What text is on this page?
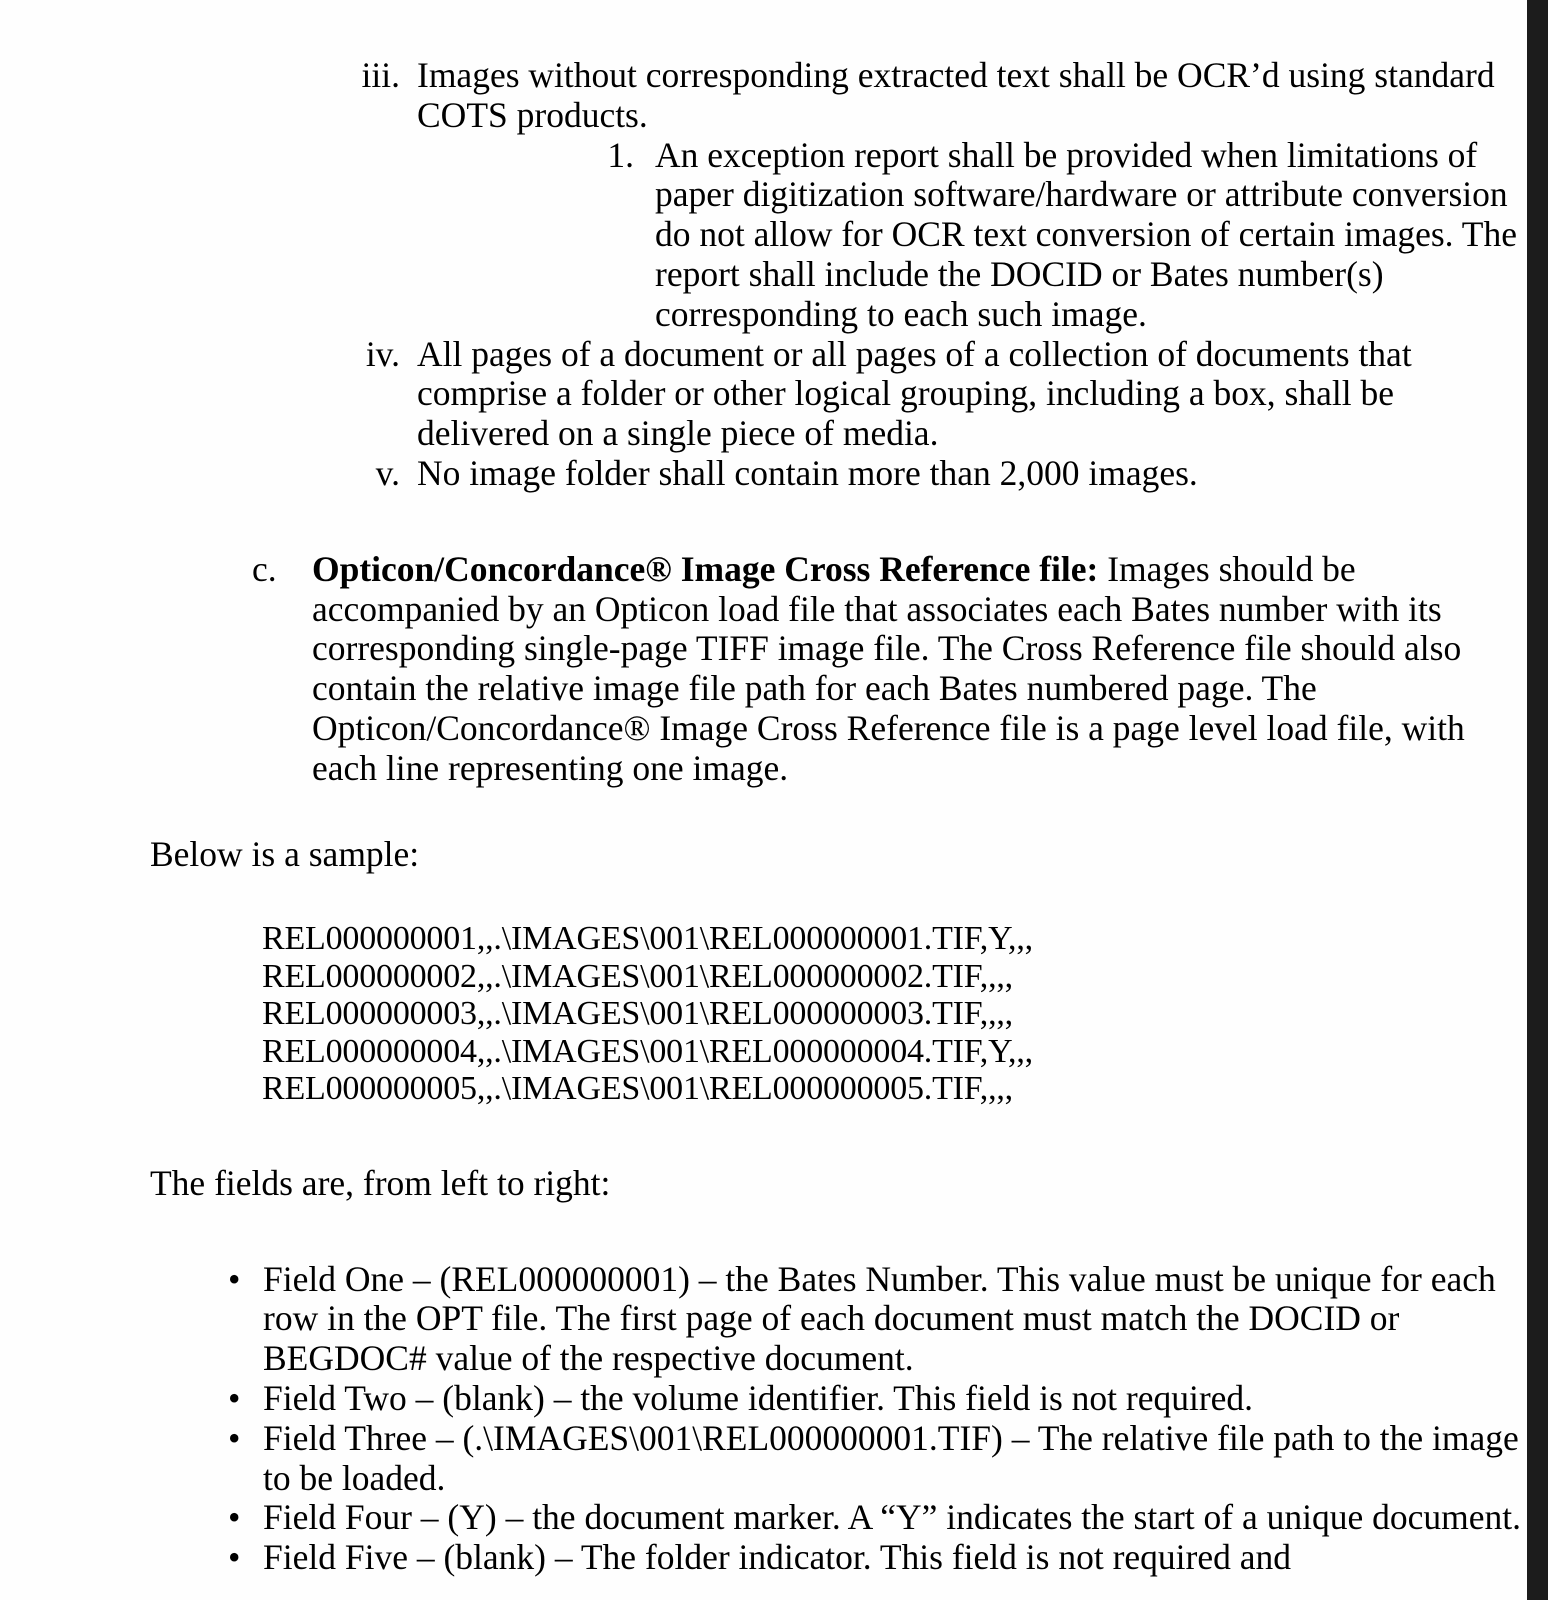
iii. Images without corresponding extracted text shall be OCR’d using standard COTS products.
1. An exception report shall be provided when limitations of paper digitization software/hardware or attribute conversion do not allow for OCR text conversion of certain images. The report shall include the DOCID or Bates number(s) corresponding to each such image.
iv. All pages of a document or all pages of a collection of documents that comprise a folder or other logical grouping, including a box, shall be delivered on a single piece of media.
v. No image folder shall contain more than 2,000 images.
c. Opticon/Concordance® Image Cross Reference file: Images should be accompanied by an Opticon load file that associates each Bates number with its corresponding single-page TIFF image file. The Cross Reference file should also contain the relative image file path for each Bates numbered page. The Opticon/Concordance® Image Cross Reference file is a page level load file, with each line representing one image.
Below is a sample:
REL000000001,,.\IMAGES\001\REL000000001.TIF,Y,,,
REL000000002,,.\IMAGES\001\REL000000002.TIF,,,,
REL000000003,,.\IMAGES\001\REL000000003.TIF,,,,
REL000000004,,.\IMAGES\001\REL000000004.TIF,Y,,,
REL000000005,,.\IMAGES\001\REL000000005.TIF,,,,
The fields are, from left to right:
• Field One – (REL000000001) – the Bates Number. This value must be unique for each row in the OPT file. The first page of each document must match the DOCID or BEGDOC# value of the respective document.
• Field Two – (blank) – the volume identifier. This field is not required.
• Field Three – (.\IMAGES\001\REL000000001.TIF) – The relative file path to the image to be loaded.
• Field Four – (Y) – the document marker. A “Y” indicates the start of a unique document.
• Field Five – (blank) – The folder indicator. This field is not required and
